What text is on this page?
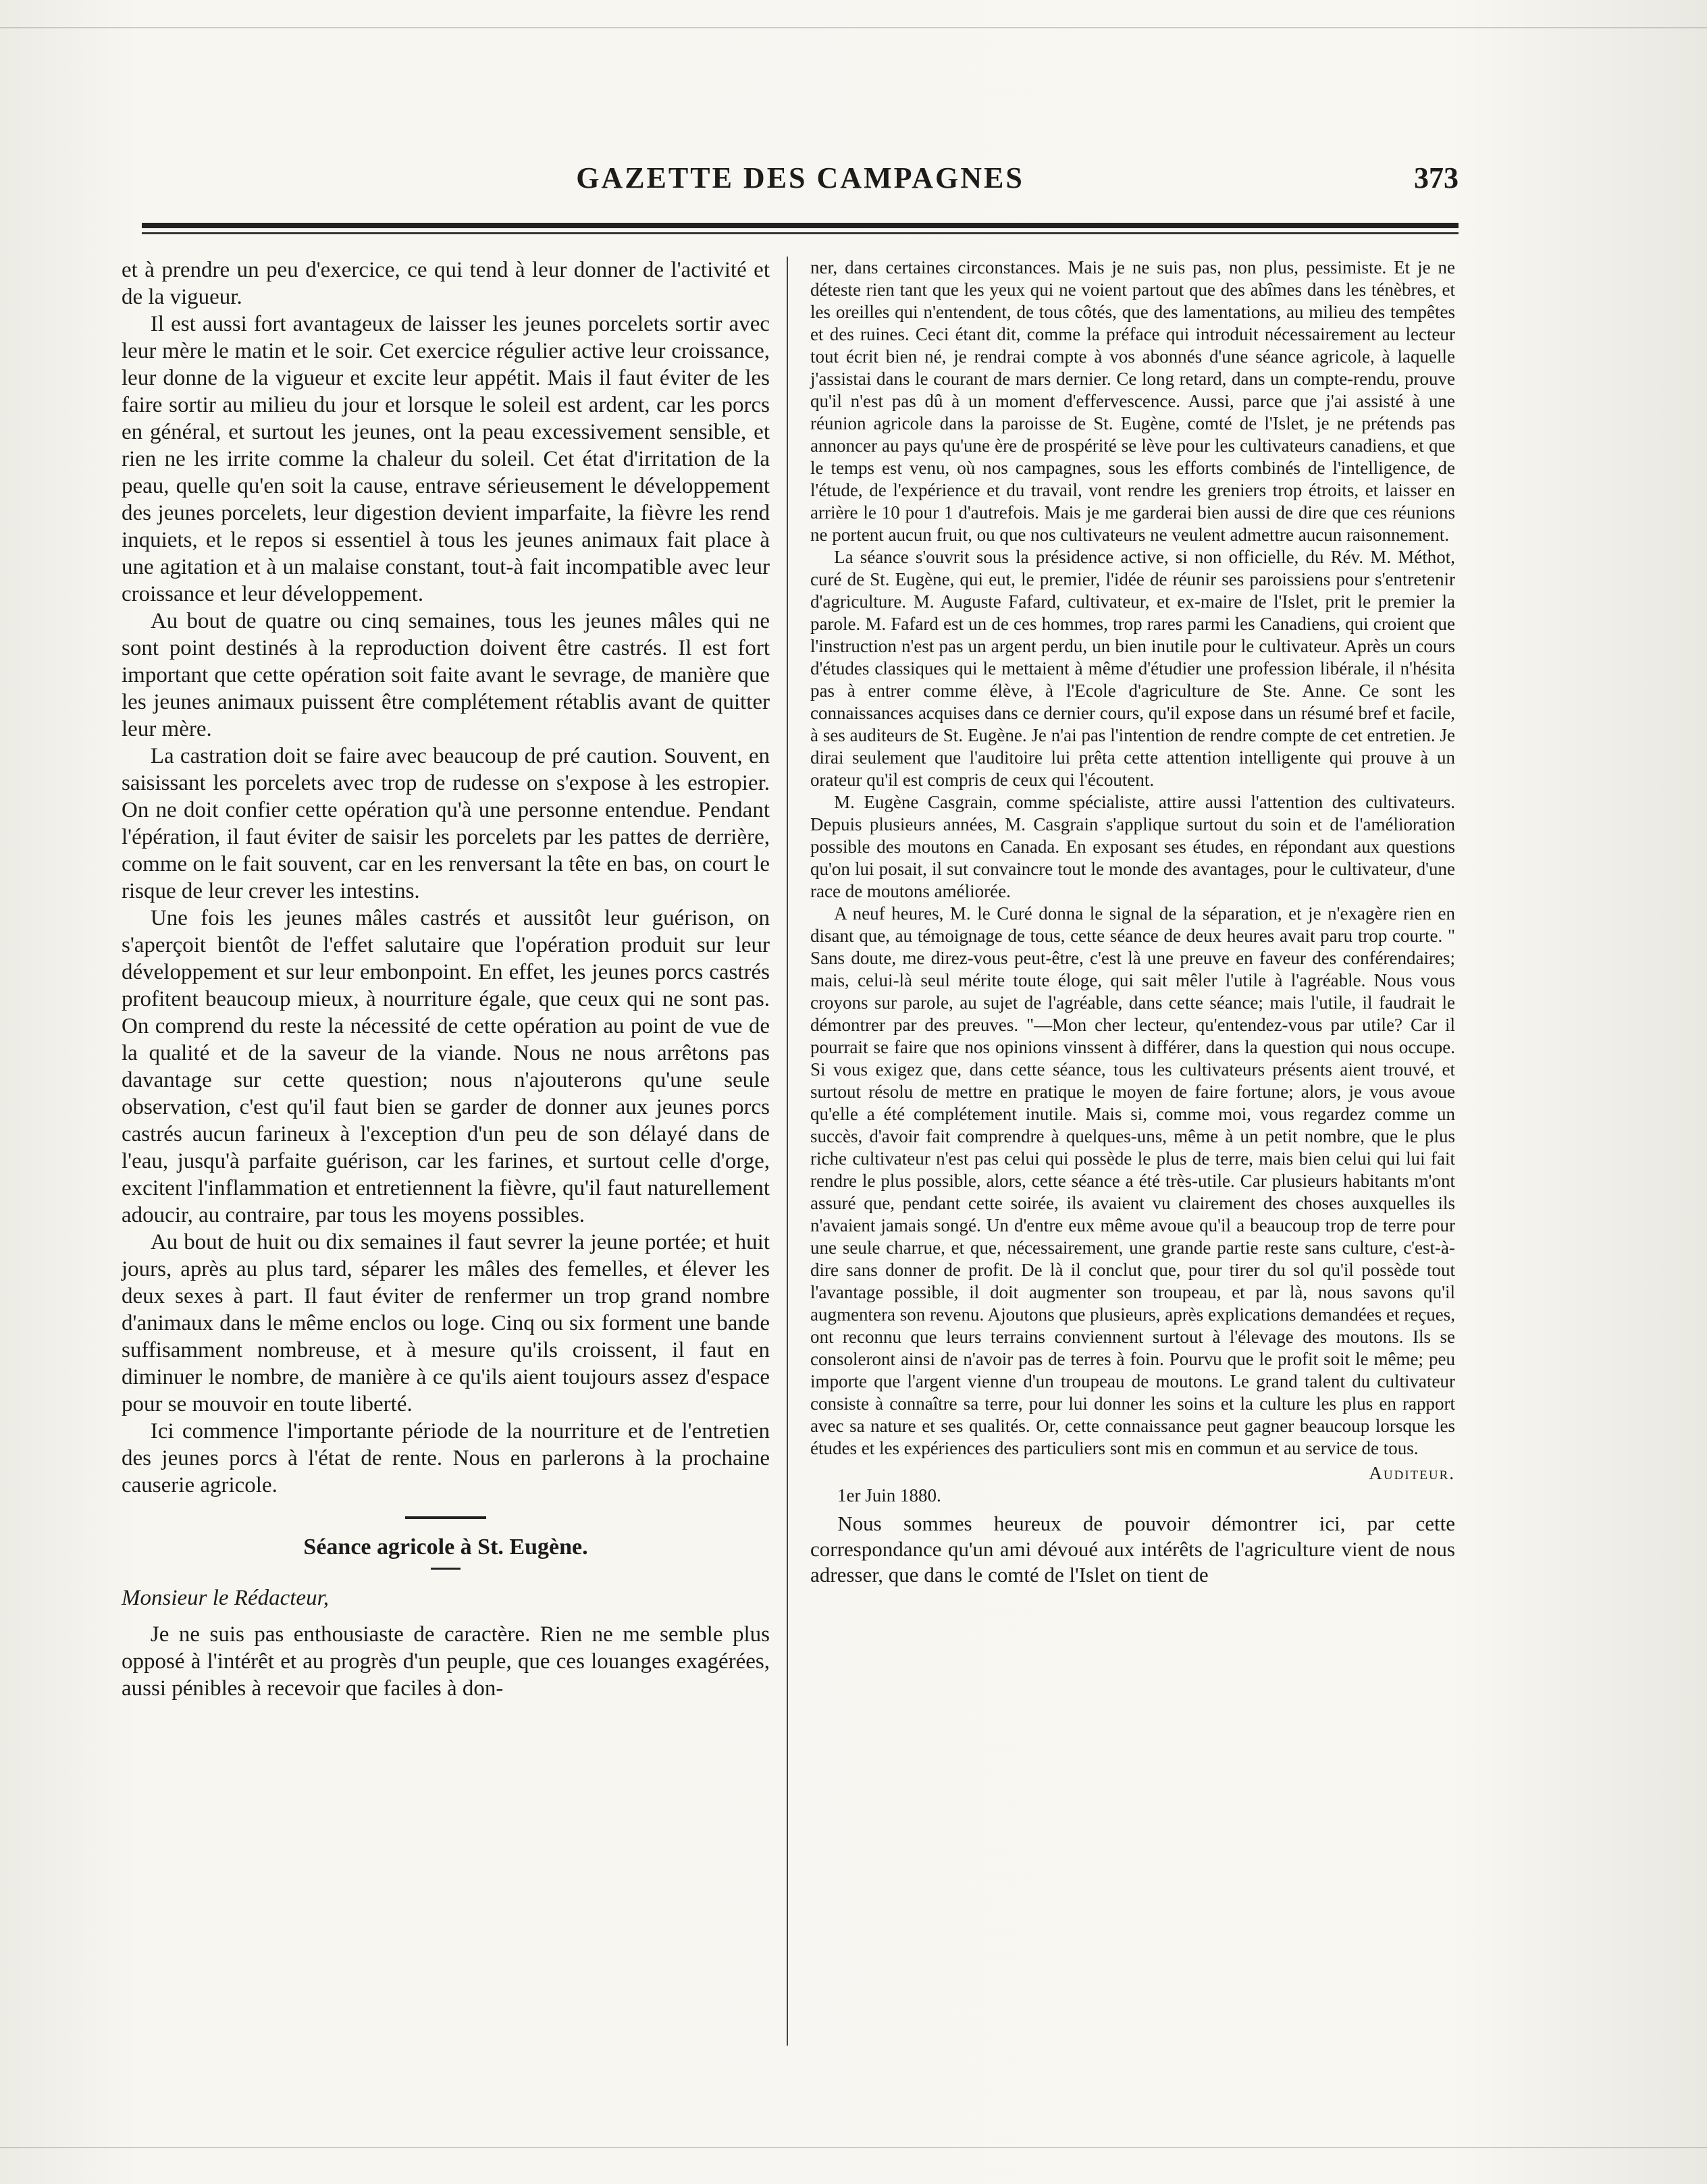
GAZETTE DES CAMPAGNES	373

et à prendre un peu d'exercice, ce qui tend à leur donner de l'activité et de la vigueur.

Il est aussi fort avantageux de laisser les jeunes porcelets sortir avec leur mère le matin et le soir. Cet exercice régulier active leur croissance, leur donne de la vigueur et excite leur appétit. Mais il faut éviter de les faire sortir au milieu du jour et lorsque le soleil est ardent, car les porcs en général, et surtout les jeunes, ont la peau excessivement sensible, et rien ne les irrite comme la chaleur du soleil. Cet état d'irritation de la peau, quelle qu'en soit la cause, entrave sérieusement le développement des jeunes porcelets, leur digestion devient imparfaite, la fièvre les rend inquiets, et le repos si essentiel à tous les jeunes animaux fait place à une agitation et à un malaise constant, tout-à fait incompatible avec leur croissance et leur développement.

Au bout de quatre ou cinq semaines, tous les jeunes mâles qui ne sont point destinés à la reproduction doivent être castrés. Il est fort important que cette opération soit faite avant le sevrage, de manière que les jeunes animaux puissent être complétement rétablis avant de quitter leur mère.

La castration doit se faire avec beaucoup de pré caution. Souvent, en saisissant les porcelets avec trop de rudesse on s'expose à les estropier. On ne doit confier cette opération qu'à une personne entendue. Pendant l'épération, il faut éviter de saisir les porcelets par les pattes de derrière, comme on le fait souvent, car en les renversant la tête en bas, on court le risque de leur crever les intestins.

Une fois les jeunes mâles castrés et aussitôt leur guérison, on s'aperçoit bientôt de l'effet salutaire que l'opération produit sur leur développement et sur leur embonpoint. En effet, les jeunes porcs castrés profitent beaucoup mieux, à nourriture égale, que ceux qui ne sont pas. On comprend du reste la nécessité de cette opération au point de vue de la qualité et de la saveur de la viande. Nous ne nous arrêtons pas davantage sur cette question; nous n'ajouterons qu'une seule observation, c'est qu'il faut bien se garder de donner aux jeunes porcs castrés aucun farineux à l'exception d'un peu de son délayé dans de l'eau, jusqu'à parfaite guérison, car les farines, et surtout celle d'orge, excitent l'inflammation et entretiennent la fièvre, qu'il faut naturellement adoucir, au contraire, par tous les moyens possibles.

Au bout de huit ou dix semaines il faut sevrer la jeune portée; et huit jours, après au plus tard, séparer les mâles des femelles, et élever les deux sexes à part. Il faut éviter de renfermer un trop grand nombre d'animaux dans le même enclos ou loge. Cinq ou six forment une bande suffisamment nombreuse, et à mesure qu'ils croissent, il faut en diminuer le nombre, de manière à ce qu'ils aient toujours assez d'espace pour se mouvoir en toute liberté.

Ici commence l'importante période de la nourriture et de l'entretien des jeunes porcs à l'état de rente. Nous en parlerons à la prochaine causerie agricole.

Séance agricole à St. Eugène.

Monsieur le Rédacteur,

Je ne suis pas enthousiaste de caractère. Rien ne me semble plus opposé à l'intérêt et au progrès d'un peuple, que ces louanges exagérées, aussi pénibles à recevoir que faciles à don-

ner, dans certaines circonstances. Mais je ne suis pas, non plus, pessimiste. Et je ne déteste rien tant que les yeux qui ne voient partout que des abîmes dans les ténèbres, et les oreilles qui n'entendent, de tous côtés, que des lamentations, au milieu des tempêtes et des ruines. Ceci étant dit, comme la préface qui introduit nécessairement au lecteur tout écrit bien né, je rendrai compte à vos abonnés d'une séance agricole, à laquelle j'assistai dans le courant de mars dernier. Ce long retard, dans un compte-rendu, prouve qu'il n'est pas dû à un moment d'effervescence. Aussi, parce que j'ai assisté à une réunion agricole dans la paroisse de St. Eugène, comté de l'Islet, je ne prétends pas annoncer au pays qu'une ère de prospérité se lève pour les cultivateurs canadiens, et que le temps est venu, où nos campagnes, sous les efforts combinés de l'intelligence, de l'étude, de l'expérience et du travail, vont rendre les greniers trop étroits, et laisser en arrière le 10 pour 1 d'autrefois. Mais je me garderai bien aussi de dire que ces réunions ne portent aucun fruit, ou que nos cultivateurs ne veulent admettre aucun raisonnement.

La séance s'ouvrit sous la présidence active, si non officielle, du Rév. M. Méthot, curé de St. Eugène, qui eut, le premier, l'idée de réunir ses paroissiens pour s'entretenir d'agriculture. M. Auguste Fafard, cultivateur, et ex-maire de l'Islet, prit le premier la parole. M. Fafard est un de ces hommes, trop rares parmi les Canadiens, qui croient que l'instruction n'est pas un argent perdu, un bien inutile pour le cultivateur. Après un cours d'études classiques qui le mettaient à même d'étudier une profession libérale, il n'hésita pas à entrer comme élève, à l'Ecole d'agriculture de Ste. Anne. Ce sont les connaissances acquises dans ce dernier cours, qu'il expose dans un résumé bref et facile, à ses auditeurs de St. Eugène. Je n'ai pas l'intention de rendre compte de cet entretien. Je dirai seulement que l'auditoire lui prêta cette attention intelligente qui prouve à un orateur qu'il est compris de ceux qui l'écoutent.

M. Eugène Casgrain, comme spécialiste, attire aussi l'attention des cultivateurs. Depuis plusieurs années, M. Casgrain s'applique surtout du soin et de l'amélioration possible des moutons en Canada. En exposant ses études, en répondant aux questions qu'on lui posait, il sut convaincre tout le monde des avantages, pour le cultivateur, d'une race de moutons améliorée.

A neuf heures, M. le Curé donna le signal de la séparation, et je n'exagère rien en disant que, au témoignage de tous, cette séance de deux heures avait paru trop courte. " Sans doute, me direz-vous peut-être, c'est là une preuve en faveur des conférendaires; mais, celui-là seul mérite toute éloge, qui sait mêler l'utile à l'agréable. Nous vous croyons sur parole, au sujet de l'agréable, dans cette séance; mais l'utile, il faudrait le démontrer par des preuves. "—Mon cher lecteur, qu'entendez-vous par utile? Car il pourrait se faire que nos opinions vinssent à différer, dans la question qui nous occupe. Si vous exigez que, dans cette séance, tous les cultivateurs présents aient trouvé, et surtout résolu de mettre en pratique le moyen de faire fortune; alors, je vous avoue qu'elle a été complétement inutile. Mais si, comme moi, vous regardez comme un succès, d'avoir fait comprendre à quelques-uns, même à un petit nombre, que le plus riche cultivateur n'est pas celui qui possède le plus de terre, mais bien celui qui lui fait rendre le plus possible, alors, cette séance a été très-utile. Car plusieurs habitants m'ont assuré que, pendant cette soirée, ils avaient vu clairement des choses auxquelles ils n'avaient jamais songé. Un d'entre eux même avoue qu'il a beaucoup trop de terre pour une seule charrue, et que, nécessairement, une grande partie reste sans culture, c'est-à-dire sans donner de profit. De là il conclut que, pour tirer du sol qu'il possède tout l'avantage possible, il doit augmenter son troupeau, et par là, nous savons qu'il augmentera son revenu. Ajoutons que plusieurs, après explications demandées et reçues, ont reconnu que leurs terrains conviennent surtout à l'élevage des moutons. Ils se consoleront ainsi de n'avoir pas de terres à foin. Pourvu que le profit soit le même; peu importe que l'argent vienne d'un troupeau de moutons. Le grand talent du cultivateur consiste à connaître sa terre, pour lui donner les soins et la culture les plus en rapport avec sa nature et ses qualités. Or, cette connaissance peut gagner beaucoup lorsque les études et les expériences des particuliers sont mis en commun et au service de tous.

Auditeur.

1er Juin 1880.

Nous sommes heureux de pouvoir démontrer ici, par cette correspondance qu'un ami dévoué aux intérêts de l'agriculture vient de nous adresser, que dans le comté de l'Islet on tient de
